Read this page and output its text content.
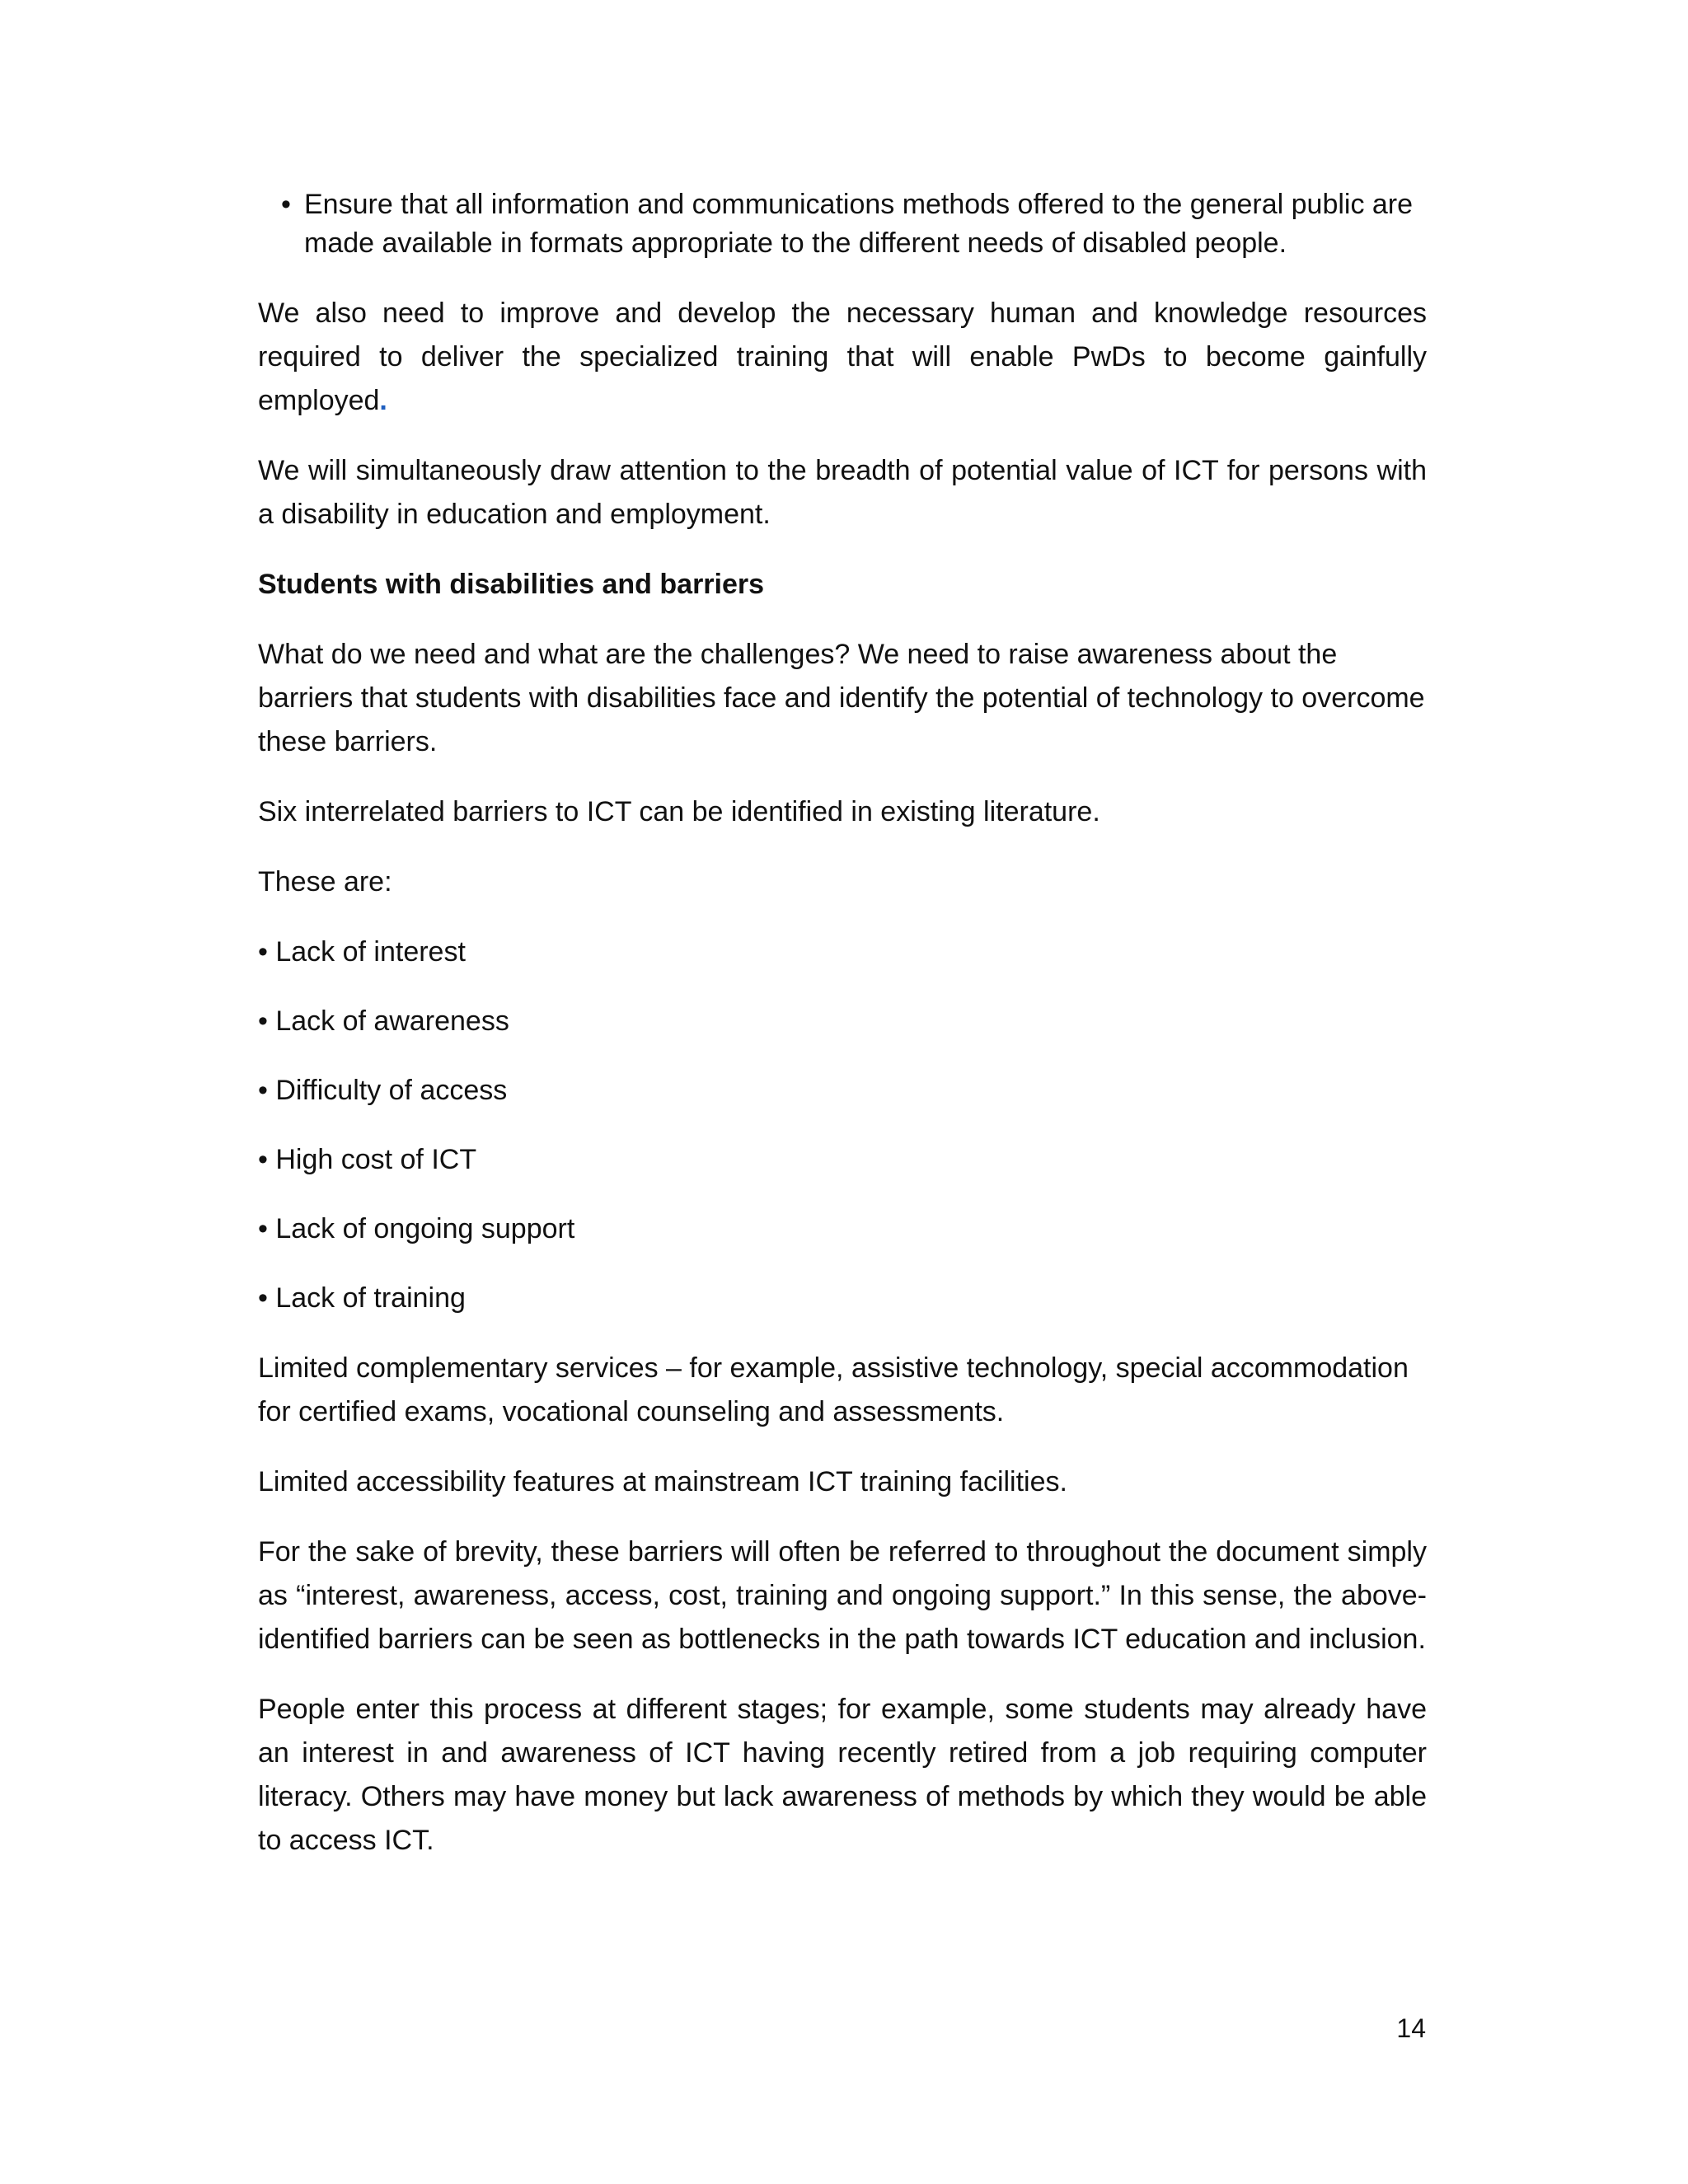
• Ensure that all information and communications methods offered to the general public are made available in formats appropriate to the different needs of disabled people.

We also need to improve and develop the necessary human and knowledge resources required to deliver the specialized training that will enable PwDs to become gainfully employed.

We will simultaneously draw attention to the breadth of potential value of ICT for persons with a disability in education and employment.

Students with disabilities and barriers

What do we need and what are the challenges? We need to raise awareness about the barriers that students with disabilities face and identify the potential of technology to overcome these barriers.

Six interrelated barriers to ICT can be identified in existing literature.

These are:

• Lack of interest
• Lack of awareness
• Difficulty of access
• High cost of ICT
• Lack of ongoing support
• Lack of training

Limited complementary services – for example, assistive technology, special accommodation for certified exams, vocational counseling and assessments.

Limited accessibility features at mainstream ICT training facilities.

For the sake of brevity, these barriers will often be referred to throughout the document simply as “interest, awareness, access, cost, training and ongoing support.” In this sense, the above-identified barriers can be seen as bottlenecks in the path towards ICT education and inclusion.

People enter this process at different stages; for example, some students may already have an interest in and awareness of ICT having recently retired from a job requiring computer literacy. Others may have money but lack awareness of methods by which they would be able to access ICT.

14
